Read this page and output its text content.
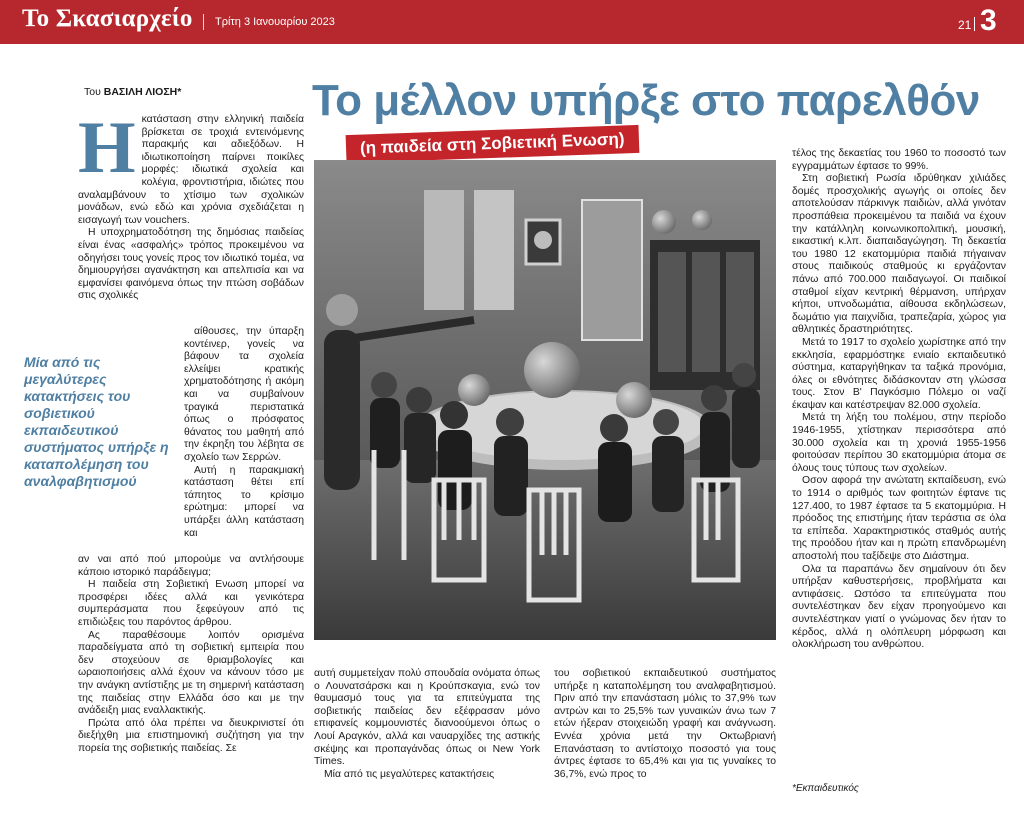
Το Σκασιαρχείο Τρίτη 3 Ιανουαρίου 2023	21 3
Του ΒΑΣΙΛΗ ΛΙΟΣΗ*	Το μέλλον υπήρξε στο παρελθόν
(η παιδεία στη Σοβιετική Ενωση)
Η κατάσταση στην ελληνική παιδεία βρίσκεται σε τροχιά εντεινόμενης παρακμής και αδιεξόδων. Η ιδιωτικοποίηση παίρνει ποικίλες μορφές: ιδιωτικά σχολεία και κολέγια, φροντιστήρια, ιδιώτες που αναλαμβάνουν το χτίσιμο των σχολικών μονάδων, ενώ εδώ και χρόνια σχεδιάζεται η εισαγωγή των vouchers.

Η υποχρηματοδότηση της δημόσιας παιδείας είναι ένας «ασφαλής» τρόπος προκειμένου να οδηγήσει τους γονείς προς τον ιδιωτικό τομέα, να δημιουργήσει αγανάκτηση και απελπισία και να εμφανίσει φαινόμενα όπως την πτώση σοβάδων στις σχολικές

Μία από τις μεγαλύτερες κατακτήσεις του σοβιετικού εκπαιδευτικού συστήματος υπήρξε η καταπολέμηση του αναλφαβητισμού

αίθουσες, την ύπαρξη κοντέινερ, γονείς να βάφουν τα σχολεία ελλείψει κρατικής χρηματοδότησης ή ακόμη και να συμβαίνουν τραγικά περιστατικά όπως ο πρόσφατος θάνατος του μαθητή από την έκρηξη του λέβητα σε σχολείο των Σερρών.

Αυτή η παρακμιακή κατάσταση θέτει επί τάπητος το κρίσιμο ερώτημα: μπορεί να υπάρξει άλλη κατάσταση και

αν ναι από πού μπορούμε να αντλήσουμε κάποιο ιστορικό παράδειγμα;

Η παιδεία στη Σοβιετική Ενωση μπορεί να προσφέρει ιδέες αλλά και γενικότερα συμπεράσματα που ξεφεύγουν από τις επιδιώξεις του παρόντος άρθρου.

Ας παραθέσουμε λοιπόν ορισμένα παραδείγματα από τη σοβιετική εμπειρία που δεν στοχεύουν σε θριαμβολογίες και ωραιοποιήσεις αλλά έχουν να κάνουν τόσο με την ανάγκη αντίστιξης με τη σημερινή κατάσταση της παιδείας στην Ελλάδα όσο και με την ανάδειξη μιας εναλλακτικής.

Πρώτα από όλα πρέπει να διευκρινιστεί ότι διεξήχθη μια επιστημονική συζήτηση για την πορεία της σοβιετικής παιδείας. Σε

αυτή συμμετείχαν πολύ σπουδαία ονόματα όπως ο Λουνατσάρσκι και η Κρούπσκαγια, ενώ τον θαυμασμό τους για τα επιτεύγματα της σοβιετικής παιδείας δεν εξέφρασαν μόνο επιφανείς κομμουνιστές διανοούμενοι όπως ο Λουί Αραγκόν, αλλά και ναυαρχίδες της αστικής σκέψης και προπαγάνδας όπως οι New York Times.

Μία από τις μεγαλύτερες κατακτήσεις

του σοβιετικού εκπαιδευτικού συστήματος υπήρξε η καταπολέμηση του αναλφαβητισμού. Πριν από την επανάσταση μόλις το 37,9% των αντρών και το 25,5% των γυναικών άνω των 7 ετών ήξεραν στοιχειώδη γραφή και ανάγνωση. Εννέα χρόνια μετά την Οκτωβριανή Επανάσταση το αντίστοιχο ποσοστό για τους άντρες έφτασε το 65,4% και για τις γυναίκες το 36,7%, ενώ προς το

τέλος της δεκαετίας του 1960 το ποσοστό των εγγραμμάτων έφτασε το 99%.

Στη σοβιετική Ρωσία ιδρύθηκαν χιλιάδες δομές προσχολικής αγωγής οι οποίες δεν αποτελούσαν πάρκινγκ παιδιών, αλλά γινόταν προσπάθεια προκειμένου τα παιδιά να έχουν την κατάλληλη κοινωνικοπολιτική, μουσική, εικαστική κ.λπ. διαπαιδαγώγηση. Τη δεκαετία του 1980 12 εκατομμύρια παιδιά πήγαιναν στους παιδικούς σταθμούς κι εργάζονταν πάνω από 700.000 παιδαγωγοί. Οι παιδικοί σταθμοί είχαν κεντρική θέρμανση, υπήρχαν κήποι, υπνοδωμάτια, αίθουσα εκδηλώσεων, δωμάτιο για παιχνίδια, τραπεζαρία, χώρος για αθλητικές δραστηριότητες.

Μετά το 1917 το σχολείο χωρίστηκε από την εκκλησία, εφαρμόστηκε ενιαίο εκπαιδευτικό σύστημα, καταργήθηκαν τα ταξικά προνόμια, όλες οι εθνότητες διδάσκονταν στη γλώσσα τους. Στον Β' Παγκόσμιο Πόλεμο οι ναζί έκαψαν και κατέστρεψαν 82.000 σχολεία.

Μετά τη λήξη του πολέμου, στην περίοδο 1946-1955, χτίστηκαν περισσότερα από 30.000 σχολεία και τη χρονιά 1955-1956 φοιτούσαν περίπου 30 εκατομμύρια άτομα σε όλους τους τύπους των σχολείων.

Οσον αφορά την ανώτατη εκπαίδευση, ενώ το 1914 ο αριθμός των φοιτητών έφτανε τις 127.400, το 1987 έφτασε τα 5 εκατομμύρια. Η πρόοδος της επιστήμης ήταν τεράστια σε όλα τα επίπεδα. Χαρακτηριστικός σταθμός αυτής της προόδου ήταν και η πρώτη επανδρωμένη αποστολή που ταξίδεψε στο Διάστημα.

Ολα τα παραπάνω δεν σημαίνουν ότι δεν υπήρξαν καθυστερήσεις, προβλήματα και αντιφάσεις. Ωστόσο τα επιτεύγματα που συντελέστηκαν δεν είχαν προηγούμενο και συντελέστηκαν γιατί ο γνώμονας δεν ήταν το κέρδος, αλλά η ολόπλευρη μόρφωση και ολοκλήρωση του ανθρώπου.

*Εκπαιδευτικός
